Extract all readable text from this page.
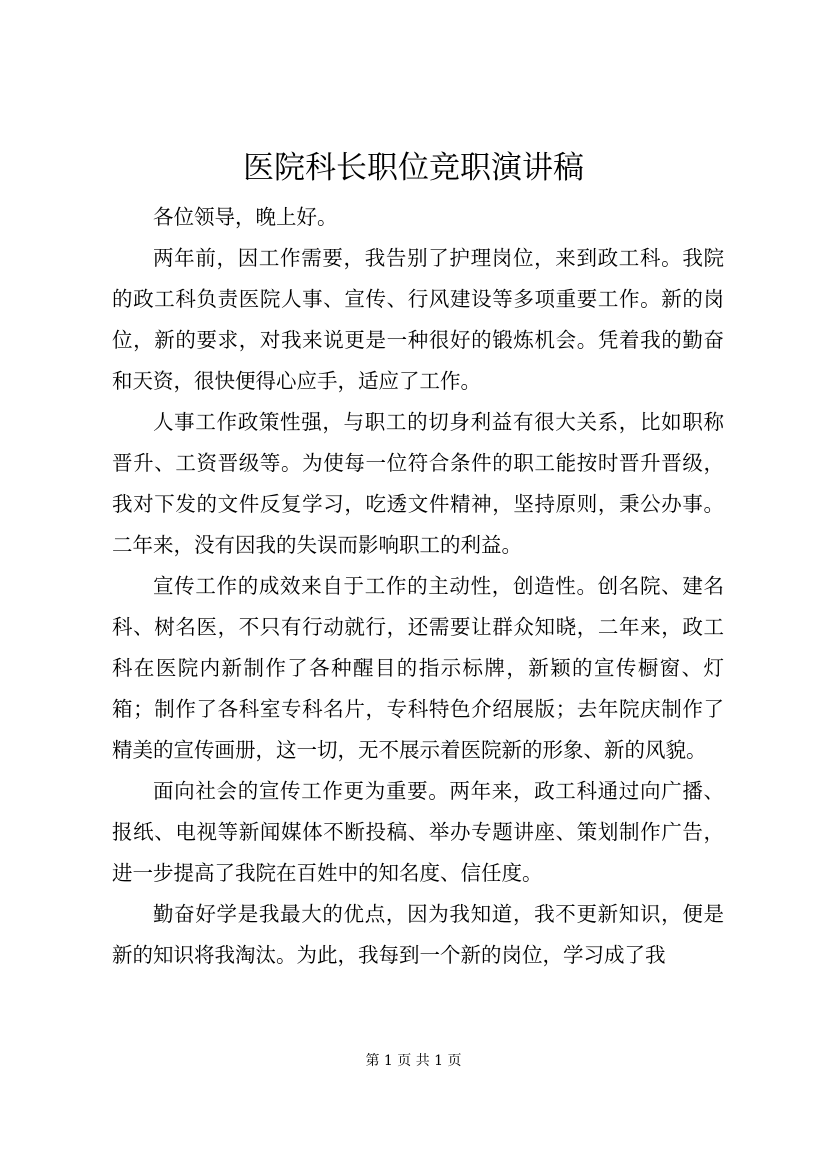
医院科长职位竞职演讲稿

各位领导，晚上好。

两年前，因工作需要，我告别了护理岗位，来到政工科。我院的政工科负责医院人事、宣传、行风建设等多项重要工作。新的岗位，新的要求，对我来说更是一种很好的锻炼机会。凭着我的勤奋和天资，很快便得心应手，适应了工作。

人事工作政策性强，与职工的切身利益有很大关系，比如职称晋升、工资晋级等。为使每一位符合条件的职工能按时晋升晋级，我对下发的文件反复学习，吃透文件精神，坚持原则，秉公办事。二年来，没有因我的失误而影响职工的利益。

宣传工作的成效来自于工作的主动性，创造性。创名院、建名科、树名医，不只有行动就行，还需要让群众知晓，二年来，政工科在医院内新制作了各种醒目的指示标牌，新颖的宣传橱窗、灯箱；制作了各科室专科名片，专科特色介绍展版；去年院庆制作了精美的宣传画册，这一切，无不展示着医院新的形象、新的风貌。

面向社会的宣传工作更为重要。两年来，政工科通过向广播、报纸、电视等新闻媒体不断投稿、举办专题讲座、策划制作广告，进一步提高了我院在百姓中的知名度、信任度。

勤奋好学是我最大的优点，因为我知道，我不更新知识，便是新的知识将我淘汰。为此，我每到一个新的岗位，学习成了我

第 1 页 共 1 页
